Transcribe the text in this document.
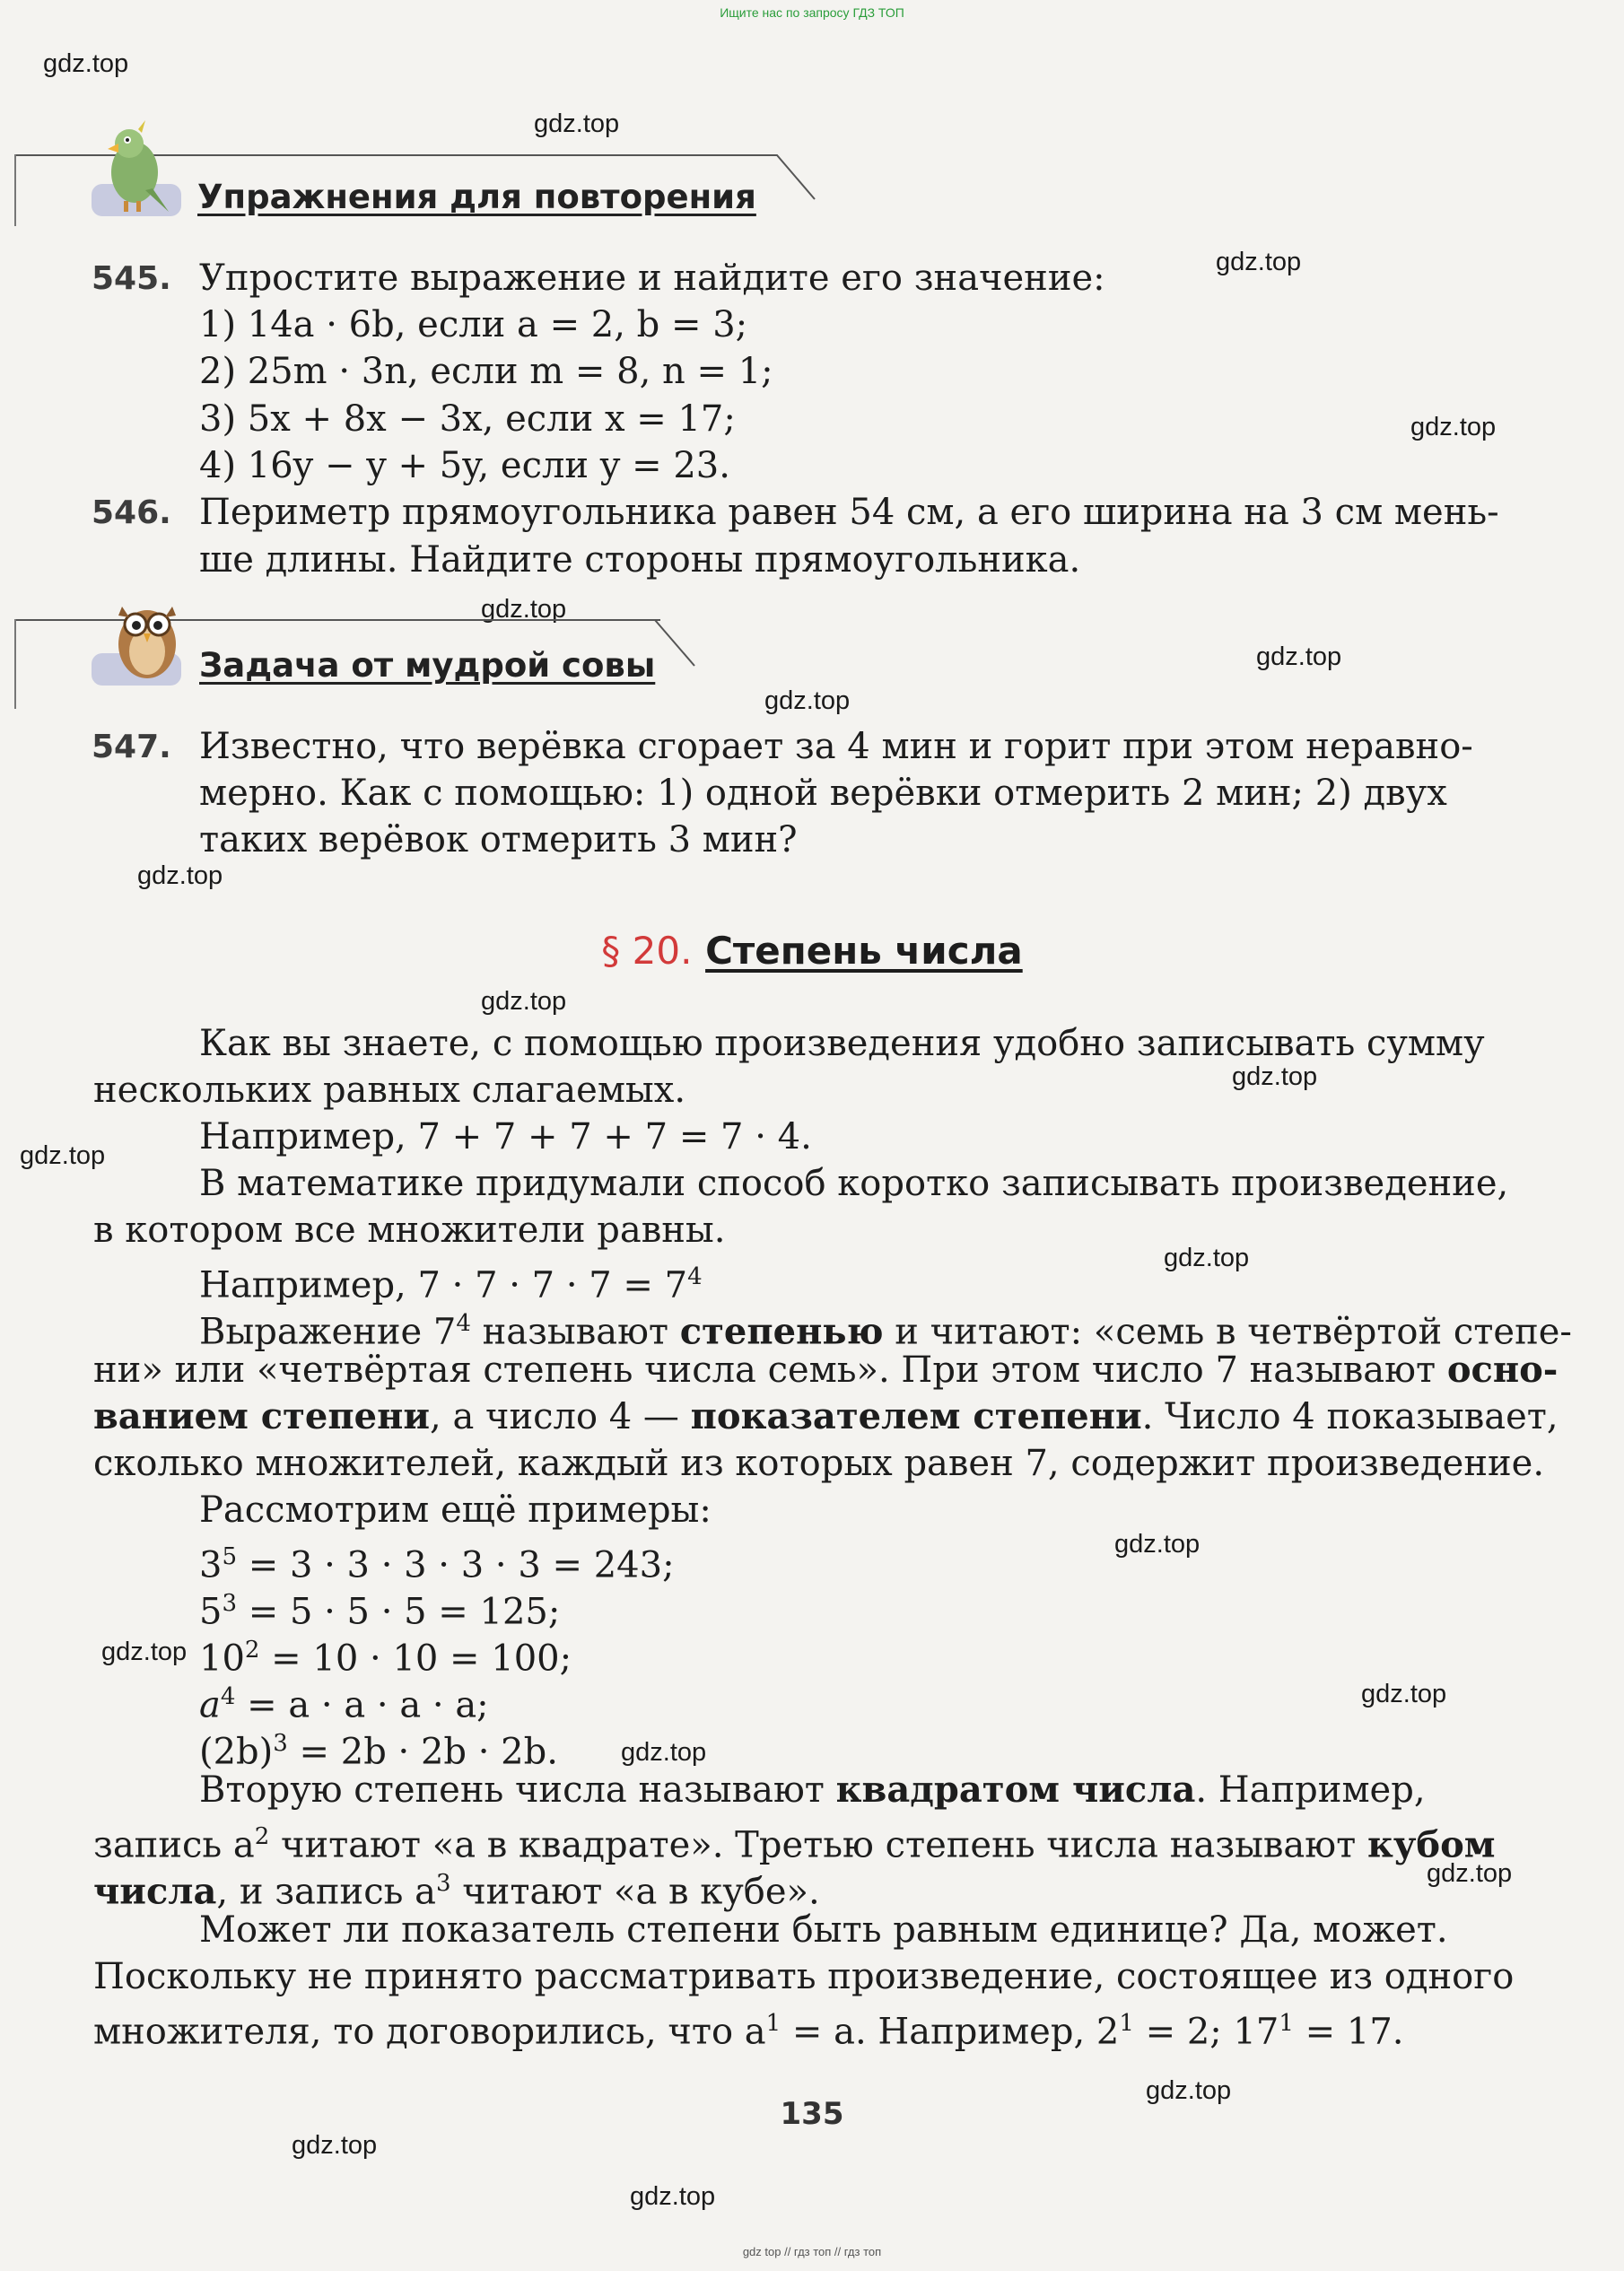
Ищите нас по запросу ГДЗ ТОП
gdz.top
gdz.top
gdz.top
gdz.top
gdz.top
gdz.top
gdz.top
gdz.top
gdz.top
gdz.top
gdz.top
gdz.top
gdz.top
gdz.top
gdz.top
gdz.top
gdz.top
gdz.top
gdz.top
gdz.top
Упражнения для повторения
545. Упростите выражение и найдите его значение:
1) 14a · 6b, если a = 2, b = 3;
2) 25m · 3n, если m = 8, n = 1;
3) 5x + 8x − 3x, если x = 17;
4) 16y − y + 5y, если y = 23.
546. Периметр прямоугольника равен 54 см, а его ширина на 3 см мень-
ше длины. Найдите стороны прямоугольника.
Задача от мудрой совы
547. Известно, что верёвка сгорает за 4 мин и горит при этом неравно-
мерно. Как с помощью: 1) одной верёвки отмерить 2 мин; 2) двух
таких верёвок отмерить 3 мин?
§ 20. Степень числа
Как вы знаете, с помощью произведения удобно записывать сумму
нескольких равных слагаемых.
Например, 7 + 7 + 7 + 7 = 7 · 4.
В математике придумали способ коротко записывать произведение,
в котором все множители равны.
Например, $7 \cdot 7 \cdot 7 \cdot 7 = 7^4$
Выражение $7^4$ называют степенью и читают: «семь в четвёртой степе-
ни» или «четвёртая степень числа семь». При этом число 7 называют осно-
ванием степени, а число 4 — показателем степени. Число 4 показывает,
сколько множителей, каждый из которых равен 7, содержит произведение.
Рассмотрим ещё примеры:
$3^5 = 3 \cdot 3 \cdot 3 \cdot 3 \cdot 3 = 243$;
$5^3 = 5 \cdot 5 \cdot 5 = 125$;
$10^2 = 10 \cdot 10 = 100$;
$a^4 = a \cdot a \cdot a \cdot a$;
$(2b)^3 = 2b \cdot 2b \cdot 2b$.
Вторую степень числа называют квадратом числа. Например,
запись $a^2$ читают «a в квадрате». Третью степень числа называют кубом
числа, и запись $a^3$ читают «a в кубе».
Может ли показатель степени быть равным единице? Да, может.
Поскольку не принято рассматривать произведение, состоящее из одного
множителя, то договорились, что $a^1 = a$. Например, $2^1 = 2$; $17^1 = 17$.
135
gdz top // гдз топ // гдз топ
